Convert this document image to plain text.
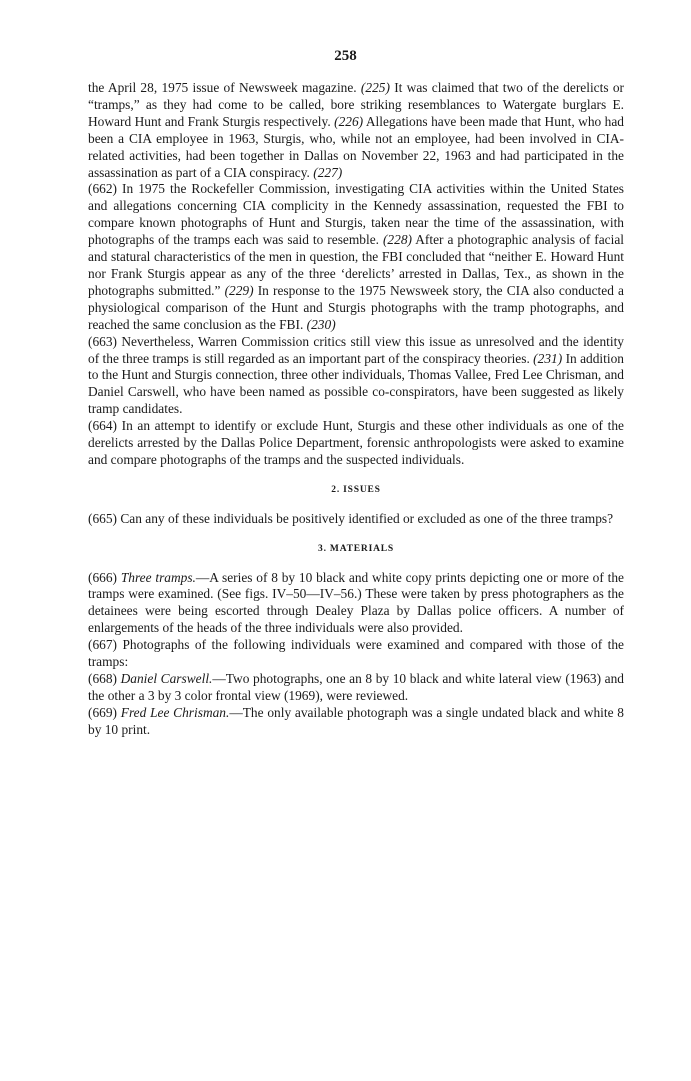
258

the April 28, 1975 issue of Newsweek magazine. (225) It was claimed that two of the derelicts or “tramps,” as they had come to be called, bore striking resemblances to Watergate burglars E. Howard Hunt and Frank Sturgis respectively. (226) Allegations have been made that Hunt, who had been a CIA employee in 1963, Sturgis, who, while not an employee, had been involved in CIA-related activities, had been together in Dallas on November 22, 1963 and had participated in the assassination as part of a CIA conspiracy. (227)

(662) In 1975 the Rockefeller Commission, investigating CIA activities within the United States and allegations concerning CIA complicity in the Kennedy assassination, requested the FBI to compare known photographs of Hunt and Sturgis, taken near the time of the assassination, with photographs of the tramps each was said to resemble. (228) After a photographic analysis of facial and statural characteristics of the men in question, the FBI concluded that “neither E. Howard Hunt nor Frank Sturgis appear as any of the three ‘derelicts’ arrested in Dallas, Tex., as shown in the photographs submitted.” (229) In response to the 1975 Newsweek story, the CIA also conducted a physiological comparison of the Hunt and Sturgis photographs with the tramp photographs, and reached the same conclusion as the FBI. (230)

(663) Nevertheless, Warren Commission critics still view this issue as unresolved and the identity of the three tramps is still regarded as an important part of the conspiracy theories. (231) In addition to the Hunt and Sturgis connection, three other individuals, Thomas Vallee, Fred Lee Chrisman, and Daniel Carswell, who have been named as possible co-conspirators, have been suggested as likely tramp candidates.

(664) In an attempt to identify or exclude Hunt, Sturgis and these other individuals as one of the derelicts arrested by the Dallas Police Department, forensic anthropologists were asked to examine and compare photographs of the tramps and the suspected individuals.

2. ISSUES

(665) Can any of these individuals be positively identified or excluded as one of the three tramps?

3. MATERIALS

(666) Three tramps.—A series of 8 by 10 black and white copy prints depicting one or more of the tramps were examined. (See figs. IV–50—IV–56.) These were taken by press photographers as the detainees were being escorted through Dealey Plaza by Dallas police officers. A number of enlargements of the heads of the three individuals were also provided.

(667) Photographs of the following individuals were examined and compared with those of the tramps:

(668) Daniel Carswell.—Two photographs, one an 8 by 10 black and white lateral view (1963) and the other a 3 by 3 color frontal view (1969), were reviewed.

(669) Fred Lee Chrisman.—The only available photograph was a single undated black and white 8 by 10 print.
